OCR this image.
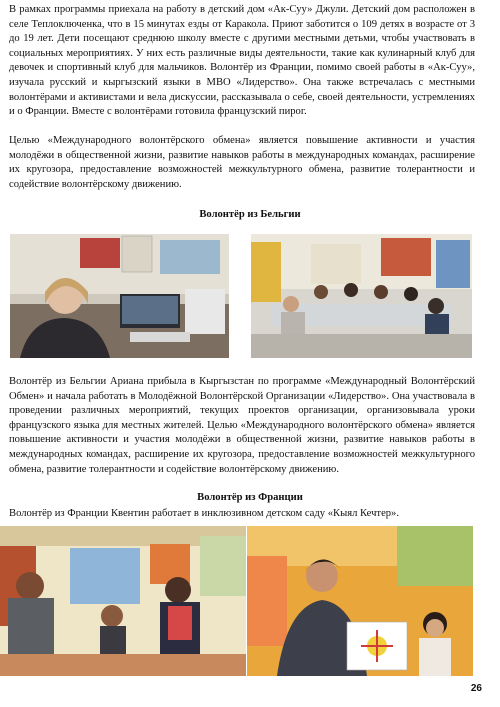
В рамках программы приехала на работу в детский дом «Ак-Суу» Джули. Детский дом расположен в селе Теплоключенка, что в 15 минутах езды от Каракола. Приют заботится о 109 детях в возрасте от 3 до 19 лет. Дети посещают среднюю школу вместе с другими местными детьми, чтобы участвовать в социальных мероприятиях. У них есть различные виды деятельности, такие как кулинарный клуб для девочек и спортивный клуб для мальчиков. Волонтёр из Франции, помимо своей работы в «Ак-Суу», изучала русский и кыргызский языки в МВО «Лидерство». Она также встречалась с местными волонтёрами и активистами и вела дискуссии, рассказывала о себе, своей деятельности, устремлениях и о Франции. Вместе с волонтёрами готовила французский пирог.

Целью «Международного волонтёрского обмена» является повышение активности и участия молодёжи в общественной жизни, развитие навыков работы в международных командах, расширение их кругозора, предоставление возможностей межкультурного обмена, развитие толерантности и содействие волонтёрскому движению.

Волонтёр из Бельгии

Волонтёр из Бельгии Ариана прибыла в Кыргызстан по программе «Международный Волонтёрский Обмен» и начала работать в Молодёжной Волонтёрской Организации «Лидерство». Она участвовала в проведении различных мероприятий, текущих проектов организации, организовывала уроки французского языка для местных жителей. Целью «Международного волонтёрского обмена» является повышение активности и участия молодёжи в общественной жизни, развитие навыков работы в международных командах, расширение их кругозора, предоставление возможностей межкультурного обмена, развитие толерантности и содействие волонтёрскому движению.

Волонтёр из Франции

Волонтёр из Франции Квентин работает в инклюзивном детском саду «Кыял Кечтер».

26
